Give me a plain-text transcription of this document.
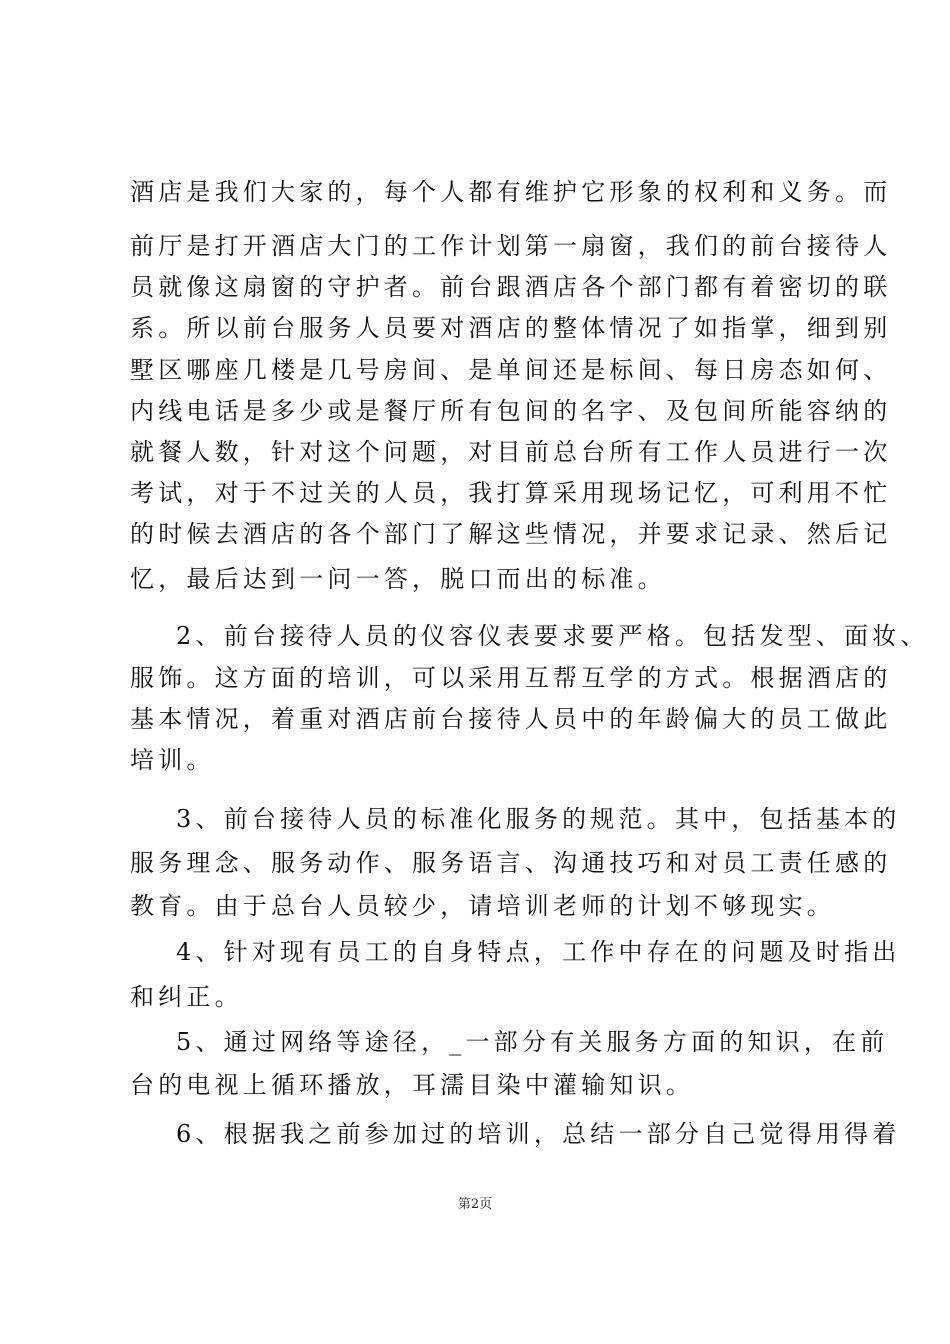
酒店是我们大家的，每个人都有维护它形象的权利和义务。而
前厅是打开酒店大门的工作计划第一扇窗，我们的前台接待人
员就像这扇窗的守护者。前台跟酒店各个部门都有着密切的联
系。所以前台服务人员要对酒店的整体情况了如指掌，细到别
墅区哪座几楼是几号房间、是单间还是标间、每日房态如何、
内线电话是多少或是餐厅所有包间的名字、及包间所能容纳的
就餐人数，针对这个问题，对目前总台所有工作人员进行一次
考试，对于不过关的人员，我打算采用现场记忆，可利用不忙
的时候去酒店的各个部门了解这些情况，并要求记录、然后记
忆，最后达到一问一答，脱口而出的标准。
2、前台接待人员的仪容仪表要求要严格。包括发型、面妆、
服饰。这方面的培训，可以采用互帮互学的方式。根据酒店的
基本情况，着重对酒店前台接待人员中的年龄偏大的员工做此
培训。
3、前台接待人员的标准化服务的规范。其中，包括基本的
服务理念、服务动作、服务语言、沟通技巧和对员工责任感的
教育。由于总台人员较少，请培训老师的计划不够现实。
4、针对现有员工的自身特点，工作中存在的问题及时指出
和纠正。
5、通过网络等途径，_一部分有关服务方面的知识，在前
台的电视上循环播放，耳濡目染中灌输知识。
6、根据我之前参加过的培训，总结一部分自己觉得用得着
第2页
